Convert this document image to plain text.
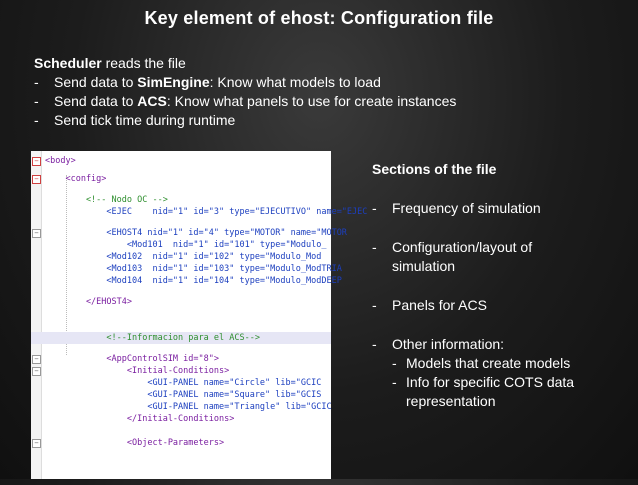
Key element of ehost: Configuration file
Scheduler reads the file
- Send data to SimEngine: Know what models to load
- Send data to ACS: Know what panels to use for create instances
- Send tick time during runtime

−

<body>

−

<config>

<!-- Nodo OC -->

<EJEC    nid="1" id="3" type="EJECUTIVO" name="EJEC

−

<EHOST4 nid="1" id="4" type="MOTOR" name="MOTOR

<Mod101  nid="1" id="101" type="Modulo_

<Mod102  nid="1" id="102" type="Modulo_Mod

<Mod103  nid="1" id="103" type="Modulo_ModTRIA

<Mod104  nid="1" id="104" type="Modulo_ModDEEP

</EHOST4>

<!--Informacion para el ACS-->

−

<AppControlSIM id="8">

−

<Initial-Conditions>

<GUI-PANEL name="Circle" lib="GCIC

<GUI-PANEL name="Square" lib="GCIS

<GUI-PANEL name="Triangle" lib="GCIC

</Initial-Conditions>

−

<Object-Parameters>

Sections of the file
- Frequency of simulation
- Configuration/layout of simulation
- Panels for ACS
- Other information:
- Models that create models
- Info for specific COTS data representation
